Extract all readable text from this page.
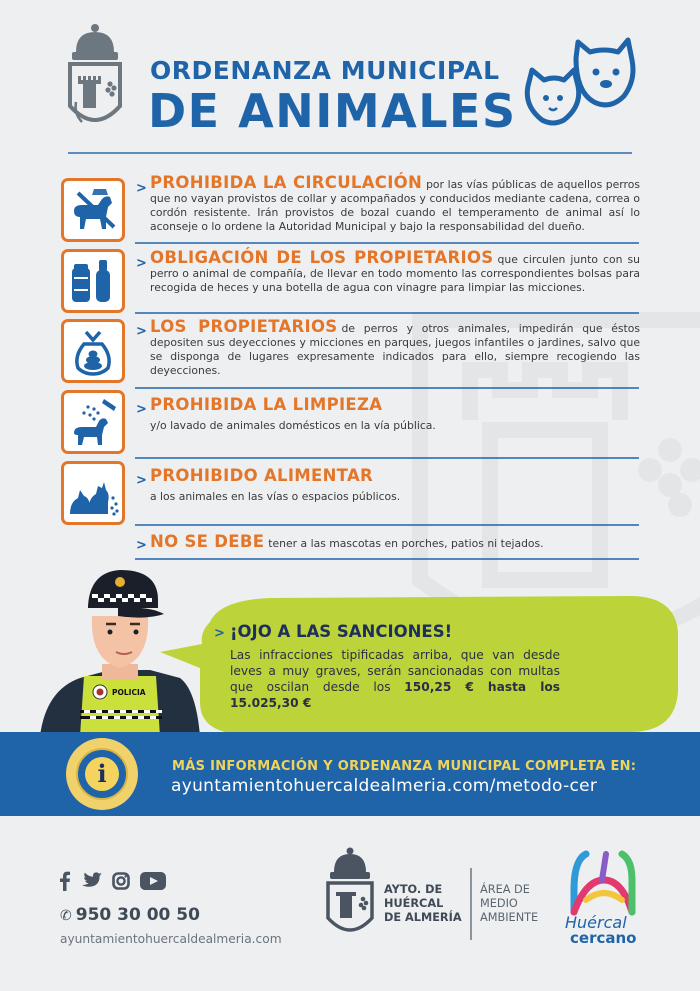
ORDENANZA MUNICIPAL
DE ANIMALES
> PROHIBIDA LA CIRCULACIÓN por las vías públicas de aquellos perros que no vayan provistos de collar y acompañados y conducidos mediante cadena, correa o cordón resistente. Irán provistos de bozal cuando el temperamento de animal así lo aconseje o lo ordene la Autoridad Municipal y bajo la responsabilidad del dueño.
> OBLIGACIÓN DE LOS PROPIETARIOS que circulen junto con su perro o animal de compañía, de llevar en todo momento las correspondientes bolsas para recogida de heces y una botella de agua con vinagre para limpiar las micciones.
> LOS PROPIETARIOS de perros y otros animales, impedirán que éstos depositen sus deyecciones y micciones en parques, juegos infantiles o jardines, salvo que se disponga de lugares expresamente indicados para ello, siempre recogiendo las deyecciones.
> PROHIBIDA LA LIMPIEZA
y/o lavado de animales domésticos en la vía pública.
> PROHIBIDO ALIMENTAR
a los animales en las vías o espacios públicos.
> NO SE DEBE tener a las mascotas en porches, patios ni tejados.
POLICIA
> ¡OJO A LAS SANCIONES!
Las infracciones tipificadas arriba, que van desde leves a muy graves, serán sancionadas con multas que oscilan desde los 150,25 € hasta los 15.025,30 €
i	MÁS INFORMACIÓN Y ORDENANZA MUNICIPAL COMPLETA EN:
ayuntamientohuercaldealmeria.com/metodo-cer
✆ 950 30 00 50
ayuntamientohuercaldealmeria.com
AYTO. DE
HUÉRCAL
DE ALMERÍA
ÁREA DE
MEDIO
AMBIENTE Huércal
cercano
